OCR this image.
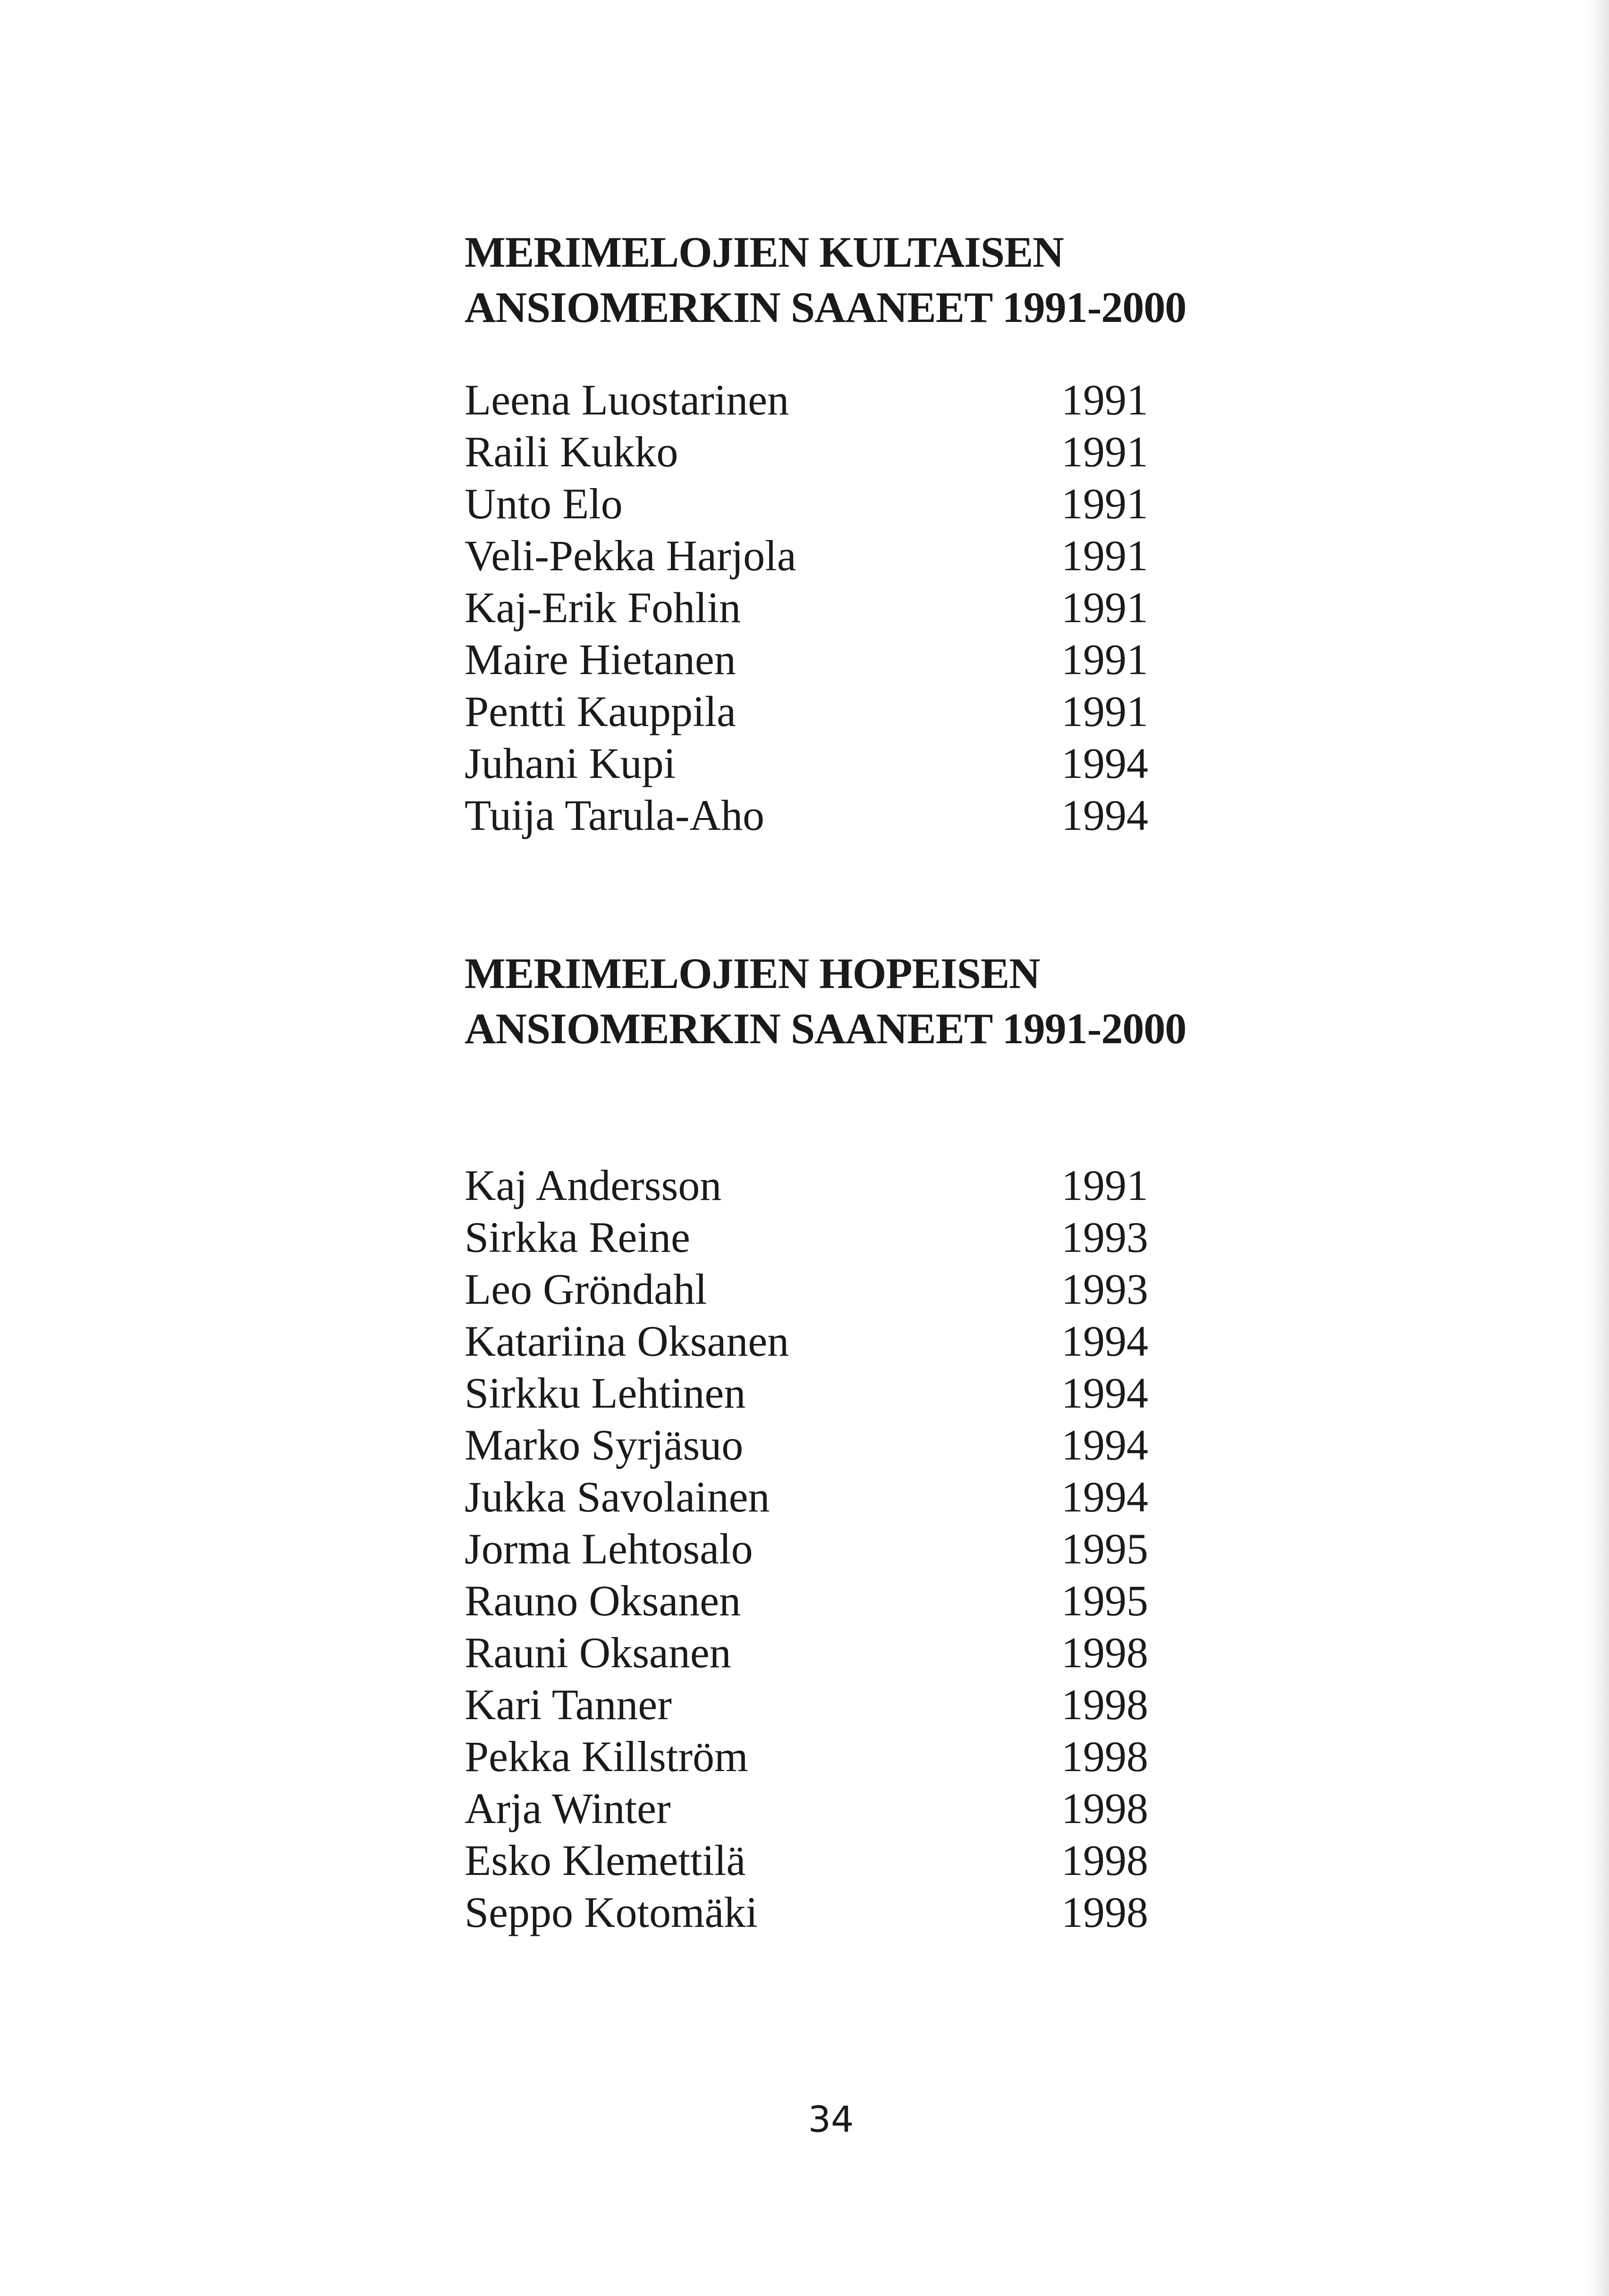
MERIMELOJIEN KULTAISEN
ANSIOMERKIN SAANEET 1991-2000
Leena Luostarinen	1991
Raili Kukko	1991
Unto Elo	1991
Veli-Pekka Harjola	1991
Kaj-Erik Fohlin	1991
Maire Hietanen	1991
Pentti Kauppila	1991
Juhani Kupi	1994
Tuija Tarula-Aho	1994
MERIMELOJIEN HOPEISEN
ANSIOMERKIN SAANEET 1991-2000
Kaj Andersson	1991
Sirkka Reine	1993
Leo Gröndahl	1993
Katariina Oksanen	1994
Sirkku Lehtinen	1994
Marko Syrjäsuo	1994
Jukka Savolainen	1994
Jorma Lehtosalo	1995
Rauno Oksanen	1995
Rauni Oksanen	1998
Kari Tanner	1998
Pekka Killström	1998
Arja Winter	1998
Esko Klemettilä	1998
Seppo Kotomäki	1998
34
